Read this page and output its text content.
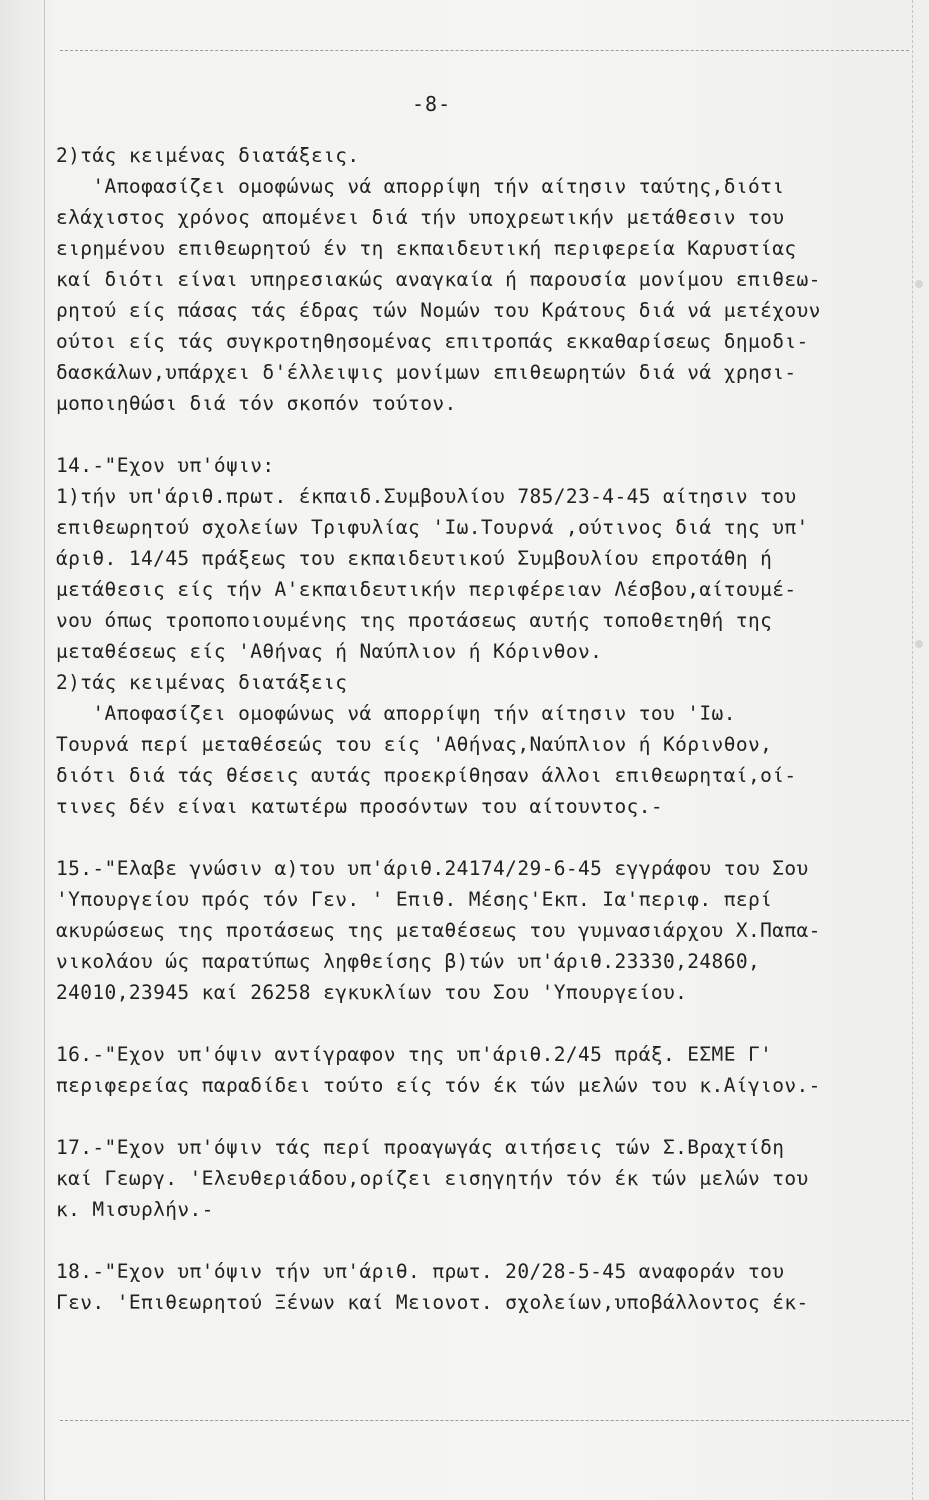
-8-
2)τάς κειμένας διατάξεις.
'Αποφασίζει ομοφώνως νά απορρίψη τήν αίτησιν ταύτης,διότι
ελάχιστος χρόνος απομένει διά τήν υποχρεωτικήν μετάθεσιν του
ειρημένου επιθεωρητού έν τη εκπαιδευτική περιφερεία Καρυστίας
καί διότι είναι υπηρεσιακώς αναγκαία ή παρουσία μονίμου επιθεω-
ρητού είς πάσας τάς έδρας τών Νομών του Κράτους διά νά μετέχουν
ούτοι είς τάς συγκροτηθησομένας επιτροπάς εκκαθαρίσεως δημοδι-
δασκάλων,υπάρχει δ'έλλειψις μονίμων επιθεωρητών διά νά χρησι-
μοποιηθώσι διά τόν σκοπόν τούτον.
14.-"Εχον υπ'όψιν:
1)τήν υπ'άριθ.πρωτ. έκπαιδ.Συμβουλίου 785/23-4-45 αίτησιν του
επιθεωρητού σχολείων Τριφυλίας 'Ιω.Τουρνά ,ούτινος διά της υπ'
άριθ. 14/45 πράξεως του εκπαιδευτικού Συμβουλίου επροτάθη ή
μετάθεσις είς τήν Α'εκπαιδευτικήν περιφέρειαν Λέσβου,αίτουμέ-
νου όπως τροποποιουμένης της προτάσεως αυτής τοποθετηθή της
μεταθέσεως είς 'Αθήνας ή Ναύπλιον ή Κόρινθον.
2)τάς κειμένας διατάξεις
'Αποφασίζει ομοφώνως νά απορρίψη τήν αίτησιν του 'Ιω.
Τουρνά περί μεταθέσεώς του είς 'Αθήνας,Ναύπλιον ή Κόρινθον,
διότι διά τάς θέσεις αυτάς προεκρίθησαν άλλοι επιθεωρηταί,οί-
τινες δέν είναι κατωτέρω προσόντων του αίτουντος.-
15.-"Ελαβε γνώσιν α)του υπ'άριθ.24174/29-6-45 εγγράφου του Σου
'Υπουργείου πρός τόν Γεν. ' Επιθ. Μέσης'Εκπ. Ια'περιφ. περί
ακυρώσεως της προτάσεως της μεταθέσεως του γυμνασιάρχου Χ.Παπα-
νικολάου ώς παρατύπως ληφθείσης β)τών υπ'άριθ.23330,24860,
24010,23945 καί 26258 εγκυκλίων του Σου 'Υπουργείου.
16.-"Εχον υπ'όψιν αντίγραφον της υπ'άριθ.2/45 πράξ. ΕΣΜΕ Γ'
περιφερείας παραδίδει τούτο είς τόν έκ τών μελών του κ.Αίγιον.-
17.-"Εχον υπ'όψιν τάς περί προαγωγάς αιτήσεις τών Σ.Βραχτίδη
καί Γεωργ. 'Ελευθεριάδου,ορίζει εισηγητήν τόν έκ τών μελών του
κ. Μισυρλήν.-
18.-"Εχον υπ'όψιν τήν υπ'άριθ. πρωτ. 20/28-5-45 αναφοράν του
Γεν. 'Επιθεωρητού Ξένων καί Μειονοτ. σχολείων,υποβάλλοντος έκ-
